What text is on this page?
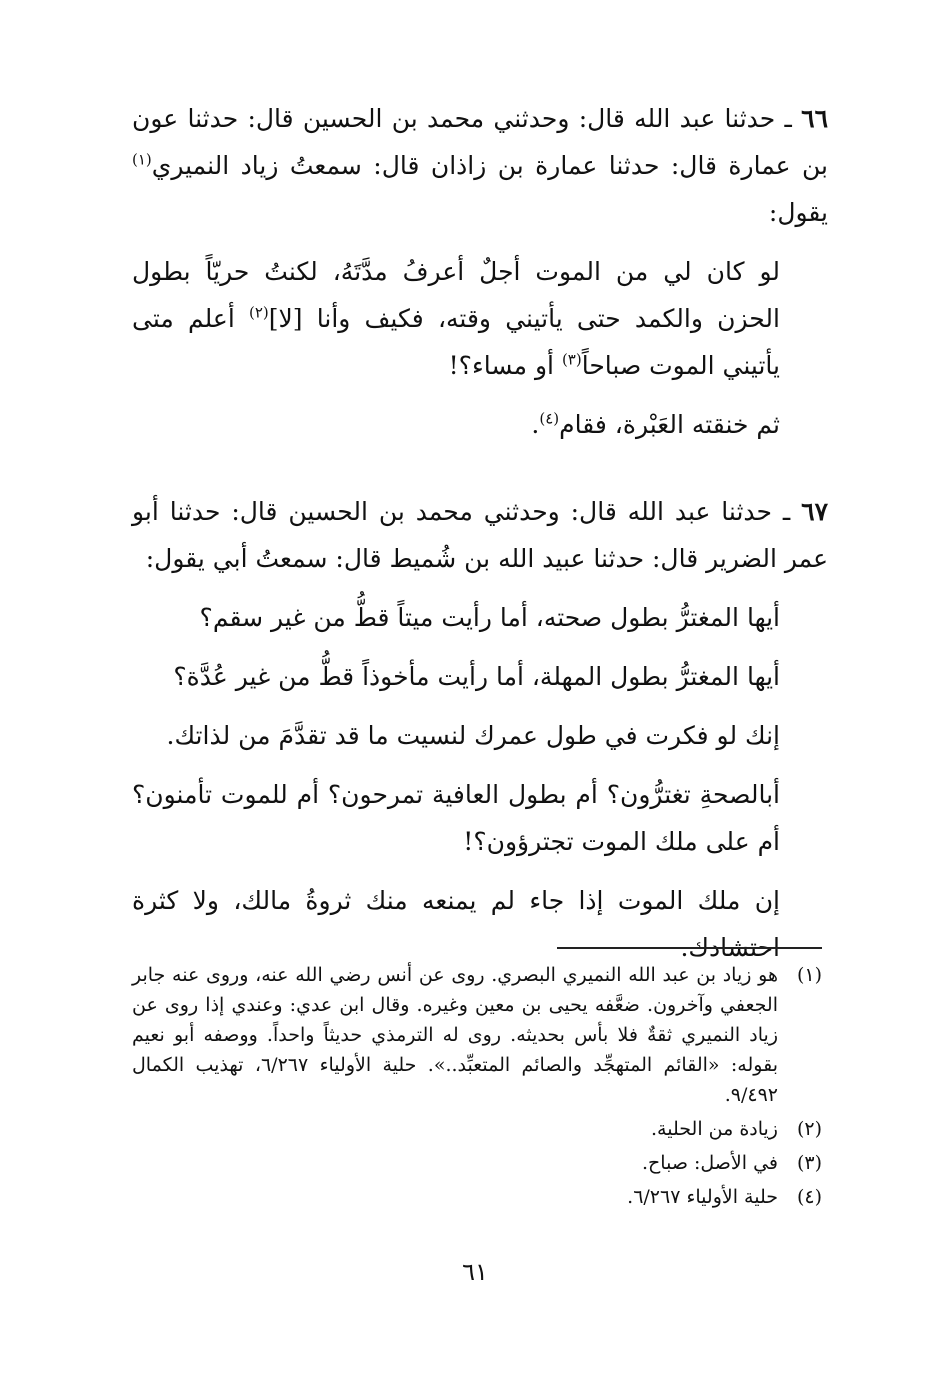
٦٦ ـ حدثنا عبد الله قال: وحدثني محمد بن الحسين قال: حدثنا عون بن عمارة قال: حدثنا عمارة بن زاذان قال: سمعتُ زياد النميري$^{(١)}$ يقول:

لو كان لي من الموت أجلٌ أعرفُ مدَّتَهُ، لكنتُ حريّاً بطول الحزن والكمد حتى يأتيني وقته، فكيف وأنا [لا]$^{(٢)}$ أعلم متى يأتيني الموت صباحاً$^{(٣)}$ أو مساء؟!

ثم خنقته العَبْرة، فقام$^{(٤)}$.

٦٧ ـ حدثنا عبد الله قال: وحدثني محمد بن الحسين قال: حدثنا أبو عمر الضرير قال: حدثنا عبيد الله بن شُميط قال: سمعتُ أبي يقول:

أيها المغترُّ بطول صحته، أما رأيت ميتاً قطُّ من غير سقم؟

أيها المغترُّ بطول المهلة، أما رأيت مأخوذاً قطُّ من غير عُدَّة؟

إنك لو فكرت في طول عمرك لنسيت ما قد تقدَّمَ من لذاتك.

أبالصحةِ تغترُّون؟ أم بطول العافية تمرحون؟ أم للموت تأمنون؟ أم على ملك الموت تجترؤون؟!

إن ملك الموت إذا جاء لم يمنعه منك ثروةُ مالك، ولا كثرة احتشادك.

(١)
هو زياد بن عبد الله النميري البصري. روى عن أنس رضي الله عنه، وروى عنه جابر الجعفي وآخرون. ضعَّفه يحيى بن معين وغيره. وقال ابن عدي: وعندي إذا روى عن زياد النميري ثقةٌ فلا بأس بحديثه. روى له الترمذي حديثاً واحداً. ووصفه أبو نعيم بقوله: «القائم المتهجِّد والصائم المتعبِّد..». حلية الأولياء ٦/٢٦٧، تهذيب الكمال ٩/٤٩٢.
(٢)
زيادة من الحلية.
(٣)
في الأصل: صباح.
(٤)
حلية الأولياء ٦/٢٦٧.
٦١
